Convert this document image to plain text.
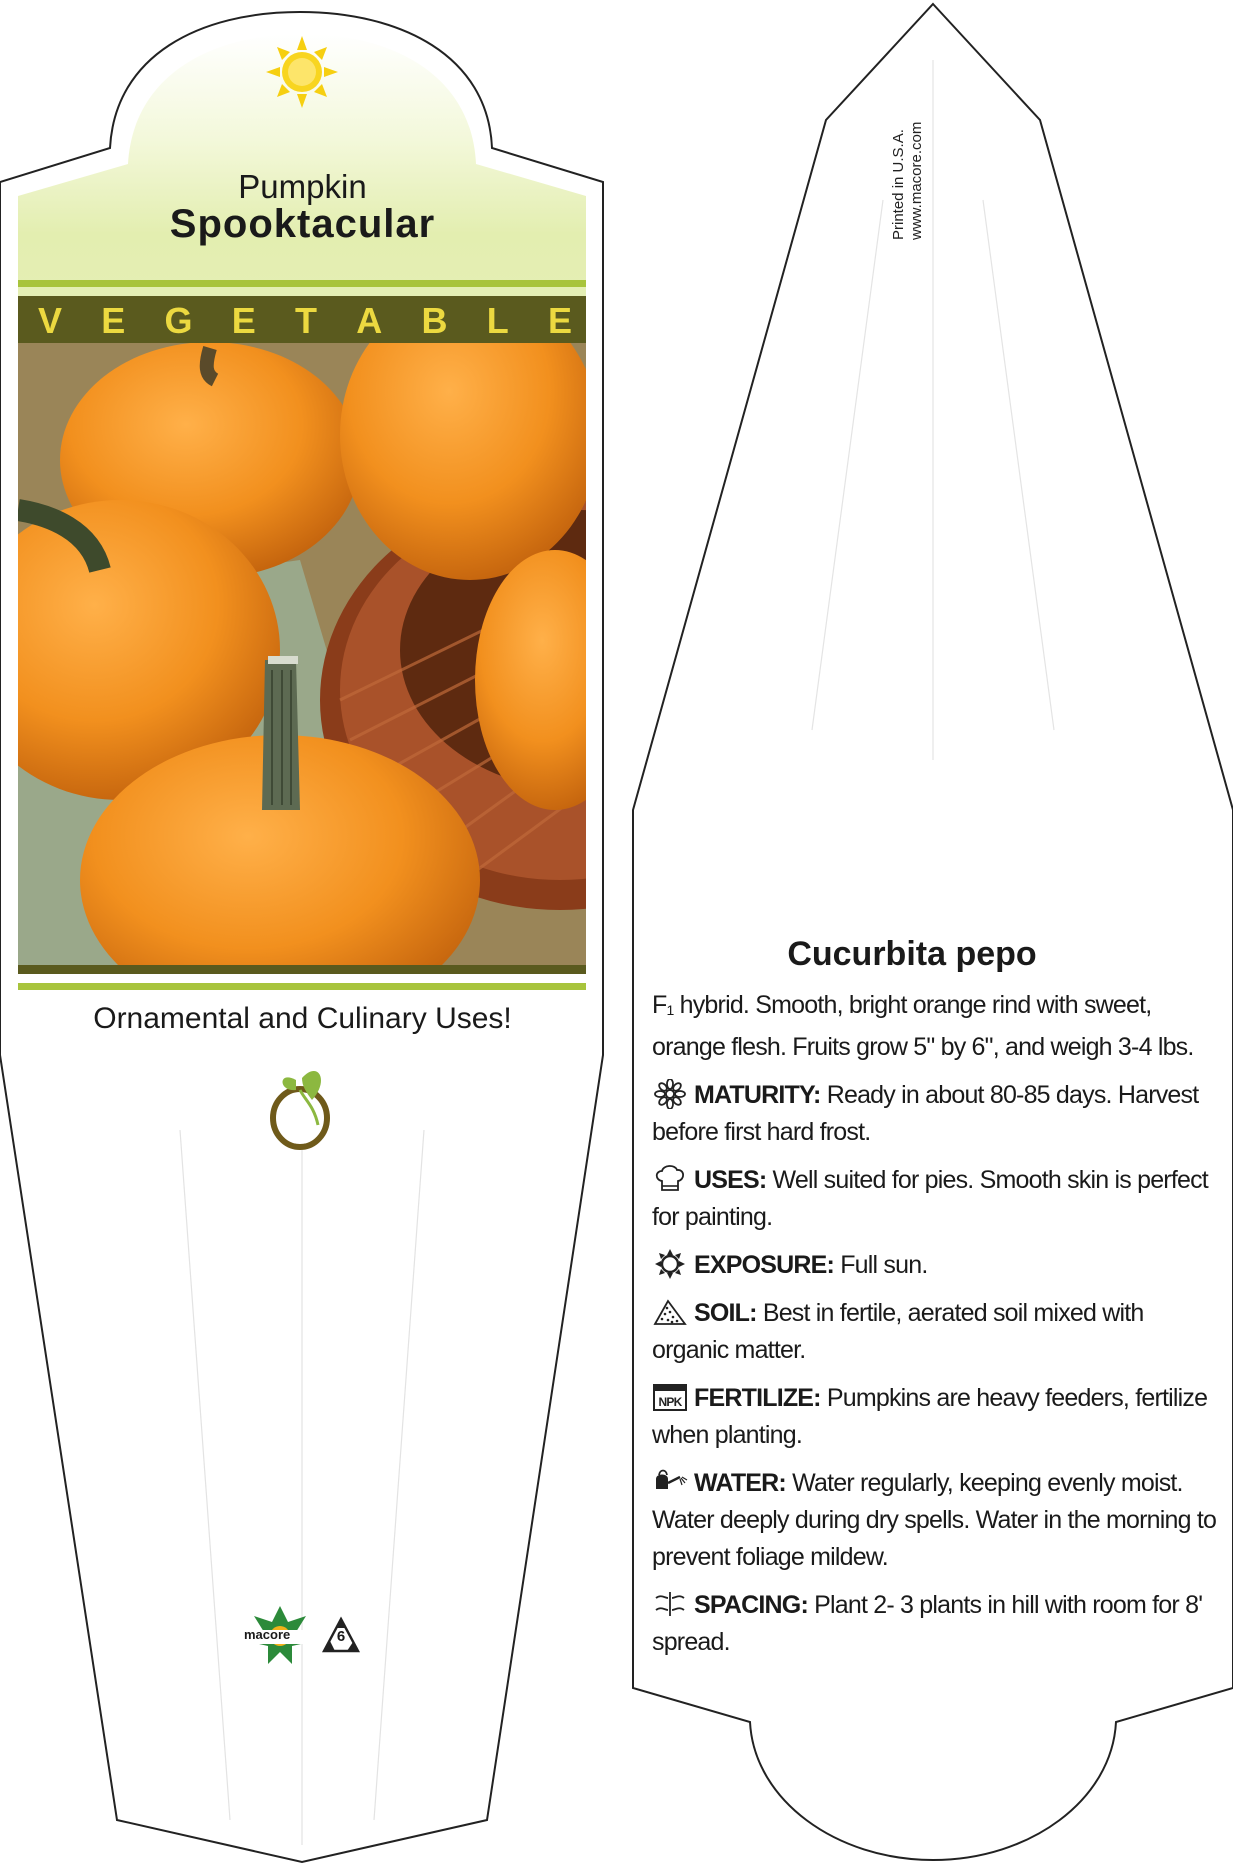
Pumpkin
Spooktacular
V E G E T A B L E
Ornamental and Culinary Uses!
macore	6
Printed in U.S.A. www.macore.com
Cucurbita pepo
F1 hybrid. Smooth, bright orange rind with sweet, orange flesh. Fruits grow 5" by 6", and weigh 3-4 lbs.
MATURITY: Ready in about 80-85 days. Harvest before first hard frost.
USES: Well suited for pies. Smooth skin is perfect for painting.
EXPOSURE: Full sun.
SOIL: Best in fertile, aerated soil mixed with organic matter.
NPK FERTILIZE: Pumpkins are heavy feeders, fertilize when planting.
WATER: Water regularly, keeping evenly moist. Water deeply during dry spells. Water in the morning to prevent foliage mildew.
SPACING: Plant 2- 3 plants in hill with room for 8' spread.
